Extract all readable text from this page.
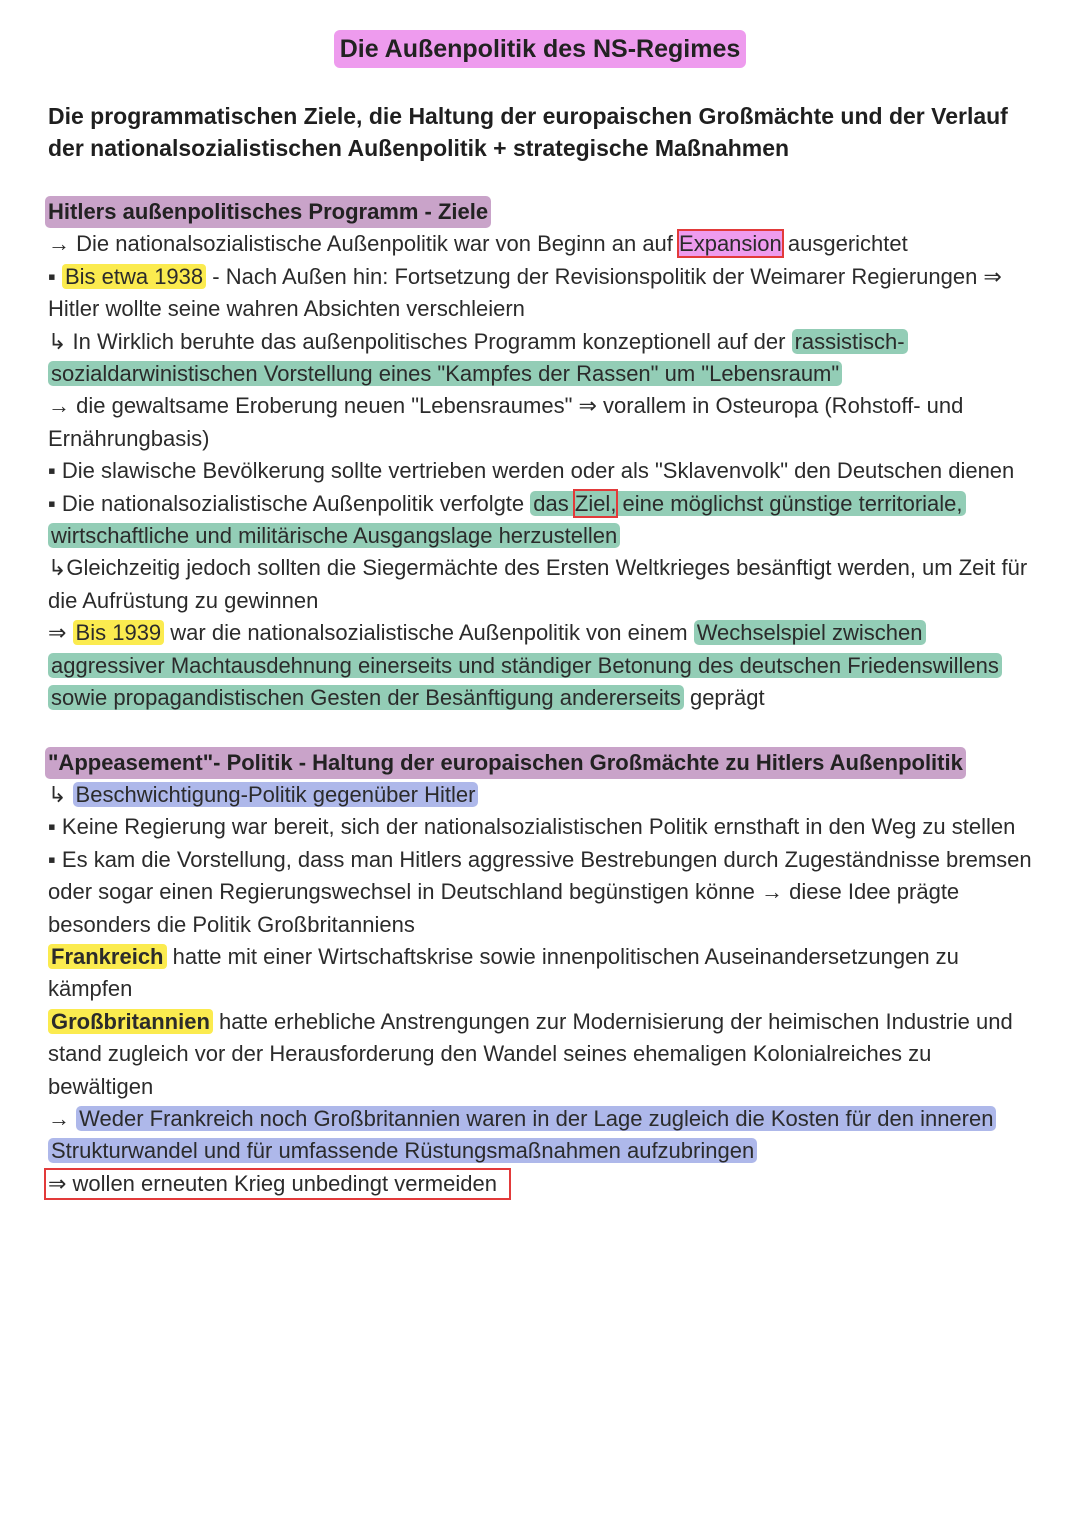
Die Außenpolitik des NS-Regimes
Die programmatischen Ziele, die Haltung der europaischen Großmächte und der Verlauf der nationalsozialistischen Außenpolitik + strategische Maßnahmen
Hitlers außenpolitisches Programm - Ziele
→ Die nationalsozialistische Außenpolitik war von Beginn an auf Expansion ausgerichtet
▪ Bis etwa 1938 - Nach Außen hin: Fortsetzung der Revisionspolitik der Weimarer Regierungen ⇒ Hitler wollte seine wahren Absichten verschleiern
↳ In Wirklich beruhte das außenpolitisches Programm konzeptionell auf der rassistisch-sozialdarwinistischen Vorstellung eines "Kampfes der Rassen" um "Lebensraum"
→ die gewaltsame Eroberung neuen "Lebensraumes" ⇒ vorallem in Osteuropa (Rohstoff- und Ernährungbasis)
▪ Die slawische Bevölkerung sollte vertrieben werden oder als "Sklavenvolk" den Deutschen dienen
▪ Die nationalsozialistische Außenpolitik verfolgte das Ziel, eine möglichst günstige territoriale, wirtschaftliche und militärische Ausgangslage herzustellen
↳Gleichzeitig jedoch sollten die Siegermächte des Ersten Weltkrieges besänftigt werden, um Zeit für die Aufrüstung zu gewinnen
⇒ Bis 1939 war die nationalsozialistische Außenpolitik von einem Wechselspiel zwischen aggressiver Machtausdehnung einerseits und ständiger Betonung des deutschen Friedenswillens sowie propagandistischen Gesten der Besänftigung andererseits geprägt
"Appeasement"- Politik - Haltung der europaischen Großmächte zu Hitlers Außenpolitik
↳ Beschwichtigung-Politik gegenüber Hitler
▪ Keine Regierung war bereit, sich der nationalsozialistischen Politik ernsthaft in den Weg zu stellen
▪ Es kam die Vorstellung, dass man Hitlers aggressive Bestrebungen durch Zugeständnisse bremsen oder sogar einen Regierungswechsel in Deutschland begünstigen könne → diese Idee prägte besonders die Politik Großbritanniens
Frankreich hatte mit einer Wirtschaftskrise sowie innenpolitischen Auseinandersetzungen zu kämpfen
Großbritannien hatte erhebliche Anstrengungen zur Modernisierung der heimischen Industrie und stand zugleich vor der Herausforderung den Wandel seines ehemaligen Kolonialreiches zu bewältigen
→ Weder Frankreich noch Großbritannien waren in der Lage zugleich die Kosten für den inneren Strukturwandel und für umfassende Rüstungsmaßnahmen aufzubringen
⇒ wollen erneuten Krieg unbedingt vermeiden
